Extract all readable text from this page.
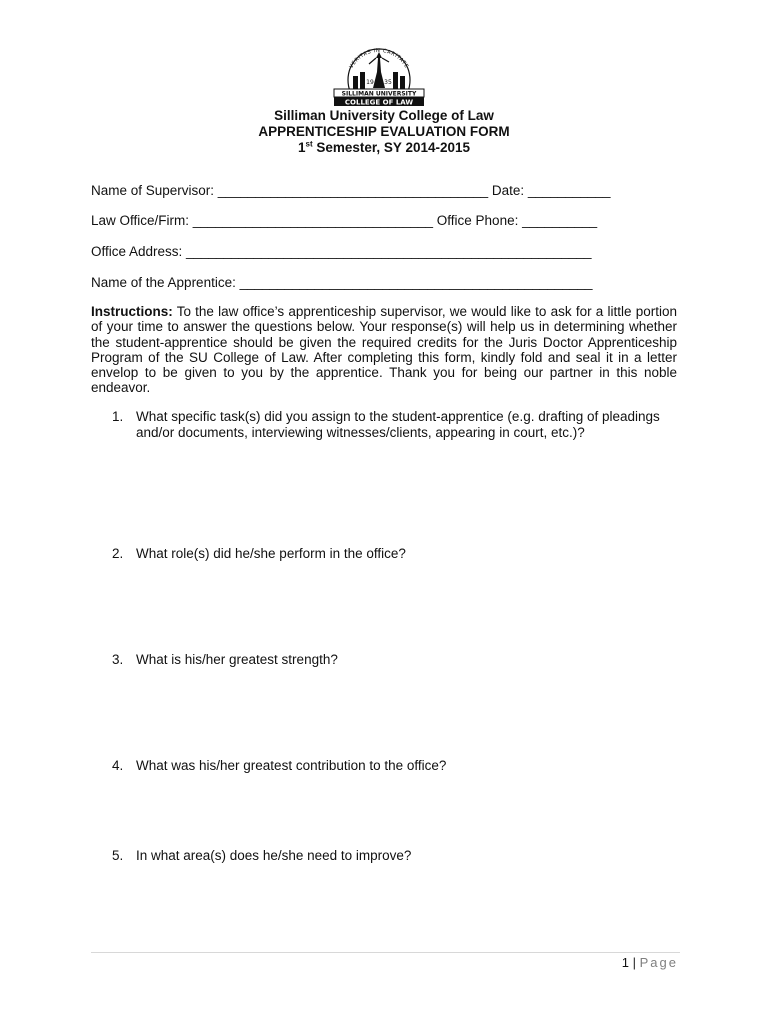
VERITAS IN CARITATE
19 35
SILLIMAN UNIVERSITY
COLLEGE OF LAW
Silliman University College of Law
APPRENTICESHIP EVALUATION FORM
1st Semester, SY 2014-2015
Name of Supervisor: ____________________________________ Date: ___________
Law Office/Firm: ________________________________ Office Phone: __________
Office Address: ______________________________________________________
Name of the Apprentice: _______________________________________________
Instructions: To the law office’s apprenticeship supervisor, we would like to ask for a little portion of your time to answer the questions below. Your response(s) will help us in determining whether the student-apprentice should be given the required credits for the Juris Doctor Apprenticeship Program of the SU College of Law. After completing this form, kindly fold and seal it in a letter envelop to be given to you by the apprentice. Thank you for being our partner in this noble endeavor.
1. What specific task(s) did you assign to the student-apprentice (e.g. drafting of pleadings and/or documents, interviewing witnesses/clients, appearing in court, etc.)?
2. What role(s) did he/she perform in the office?
3. What is his/her greatest strength?
4. What was his/her greatest contribution to the office?
5. In what area(s) does he/she need to improve?
1 | Page
